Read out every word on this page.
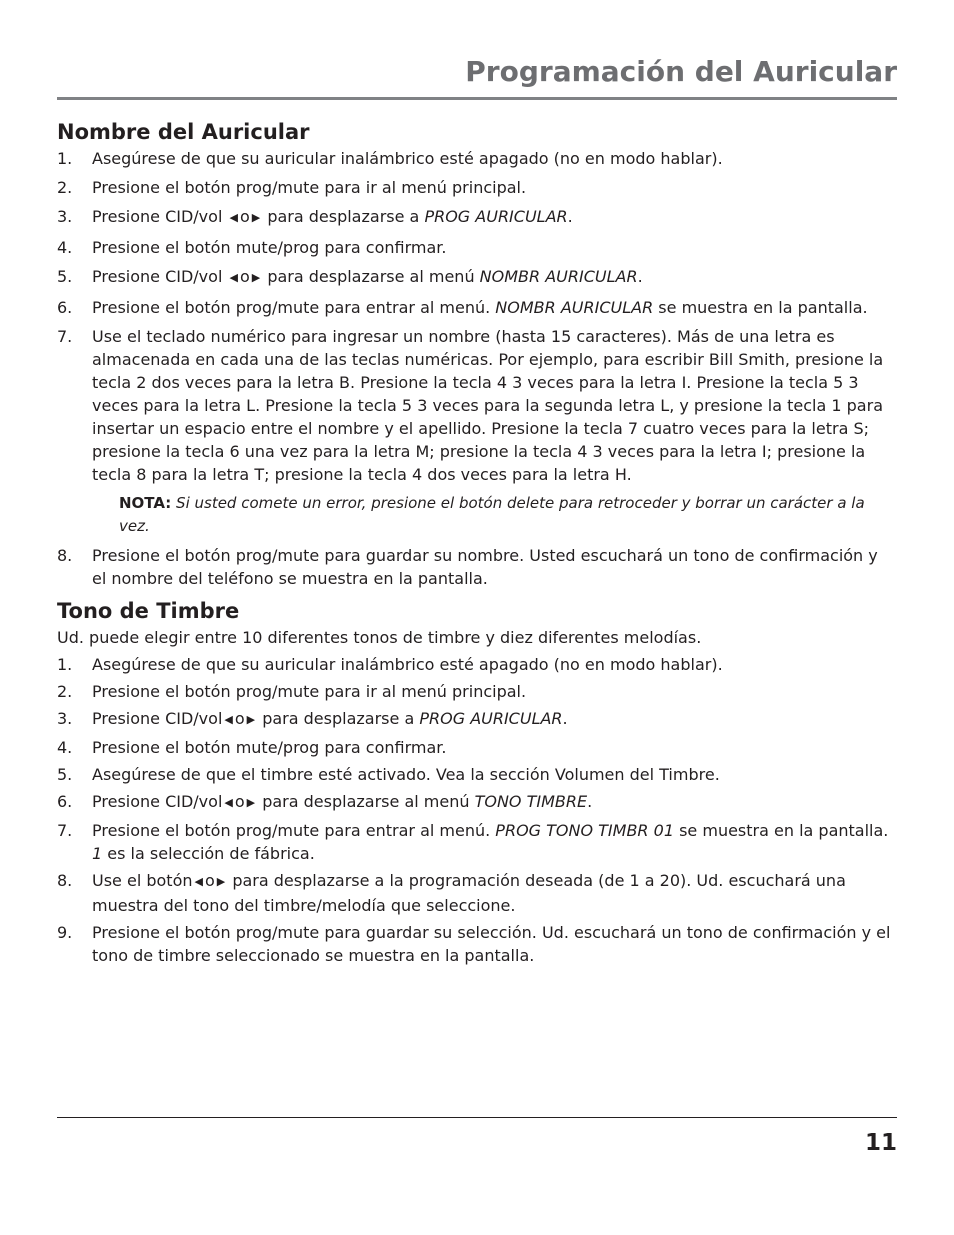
Programación del Auricular
Nombre del Auricular
1. Asegúrese de que su auricular inalámbrico esté apagado (no en modo hablar).
2. Presione el botón prog/mute para ir al menú principal.
3. Presione CID/vol ◀ o ▶ para desplazarse a PROG AURICULAR.
4. Presione el botón mute/prog para confirmar.
5. Presione CID/vol ◀ o ▶ para desplazarse al menú NOMBR AURICULAR.
6. Presione el botón prog/mute para entrar al menú. NOMBR AURICULAR se muestra en la pantalla.
7. Use el teclado numérico para ingresar un nombre (hasta 15 caracteres). Más de una letra es almacenada en cada una de las teclas numéricas. Por ejemplo, para escribir Bill Smith, presione la tecla 2 dos veces para la letra B. Presione la tecla 4 3 veces para la letra I. Presione la tecla 5 3 veces para la letra L. Presione la tecla 5 3 veces para la segunda letra L, y presione la tecla 1 para insertar un espacio entre el nombre y el apellido. Presione la tecla 7 cuatro veces para la letra S; presione la tecla 6 una vez para la letra M; presione la tecla 4 3 veces para la letra I; presione la tecla 8 para la letra T; presione la tecla 4 dos veces para la letra H.
NOTA: Si usted comete un error, presione el botón delete para retroceder y borrar un carácter a la vez.
8. Presione el botón prog/mute para guardar su nombre. Usted escuchará un tono de confirmación y el nombre del teléfono se muestra en la pantalla.
Tono de Timbre

Ud. puede elegir entre 10 diferentes tonos de timbre y diez diferentes melodías.

1. Asegúrese de que su auricular inalámbrico esté apagado (no en modo hablar).
2. Presione el botón prog/mute para ir al menú principal.
3. Presione CID/vol ◀ o ▶ para desplazarse a PROG AURICULAR.
4. Presione el botón mute/prog para confirmar.
5. Asegúrese de que el timbre esté activado. Vea la sección Volumen del Timbre.
6. Presione CID/vol ◀ o ▶ para desplazarse al menú TONO TIMBRE.
7. Presione el botón prog/mute para entrar al menú. PROG TONO TIMBR 01 se muestra en la pantalla. 1 es la selección de fábrica.
8. Use el botón ◀ o ▶ para desplazarse a la programación deseada (de 1 a 20). Ud. escuchará una muestra del tono del timbre/melodía que seleccione.
9. Presione el botón prog/mute para guardar su selección. Ud. escuchará un tono de confirmación y el tono de timbre seleccionado se muestra en la pantalla.
11
